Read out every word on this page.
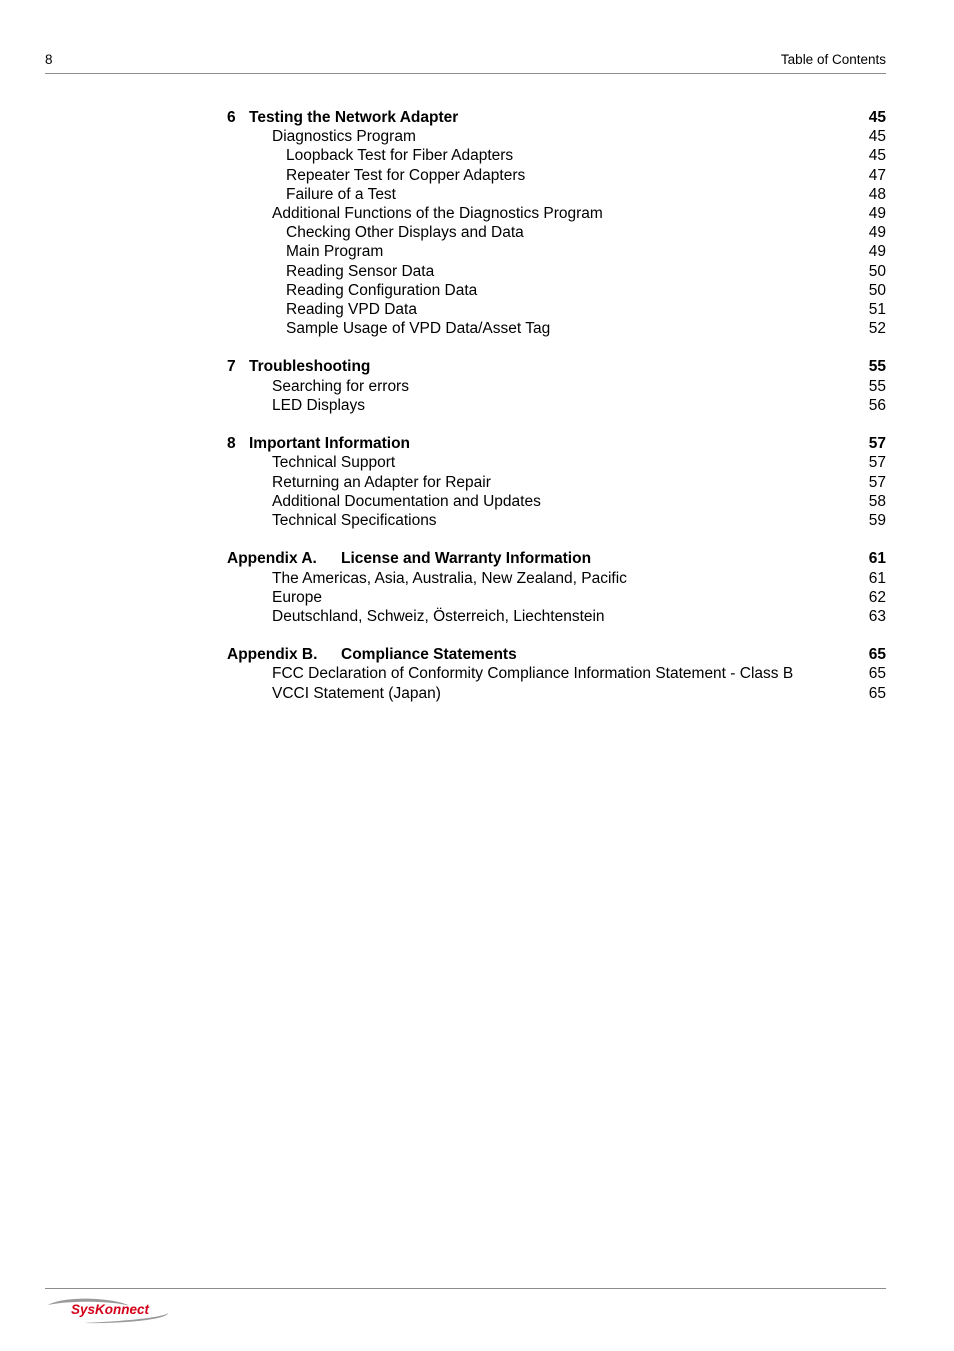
8	Table of Contents
6 Testing the Network Adapter	45
Diagnostics Program	45
Loopback Test for Fiber Adapters	45
Repeater Test for Copper Adapters	47
Failure of a Test	48
Additional Functions of the Diagnostics Program	49
Checking Other Displays and Data	49
Main Program	49
Reading Sensor Data	50
Reading Configuration Data	50
Reading VPD Data	51
Sample Usage of VPD Data/Asset Tag	52
7 Troubleshooting	55
Searching for errors	55
LED Displays	56
8 Important Information	57
Technical Support	57
Returning an Adapter for Repair	57
Additional Documentation and Updates	58
Technical Specifications	59
Appendix A. License and Warranty Information	61
The Americas, Asia, Australia, New Zealand, Pacific	61
Europe	62
Deutschland, Schweiz, Österreich, Liechtenstein	63
Appendix B. Compliance Statements	65
FCC Declaration of Conformity Compliance Information Statement - Class B	65
VCCI Statement (Japan)	65
SysKonnect
